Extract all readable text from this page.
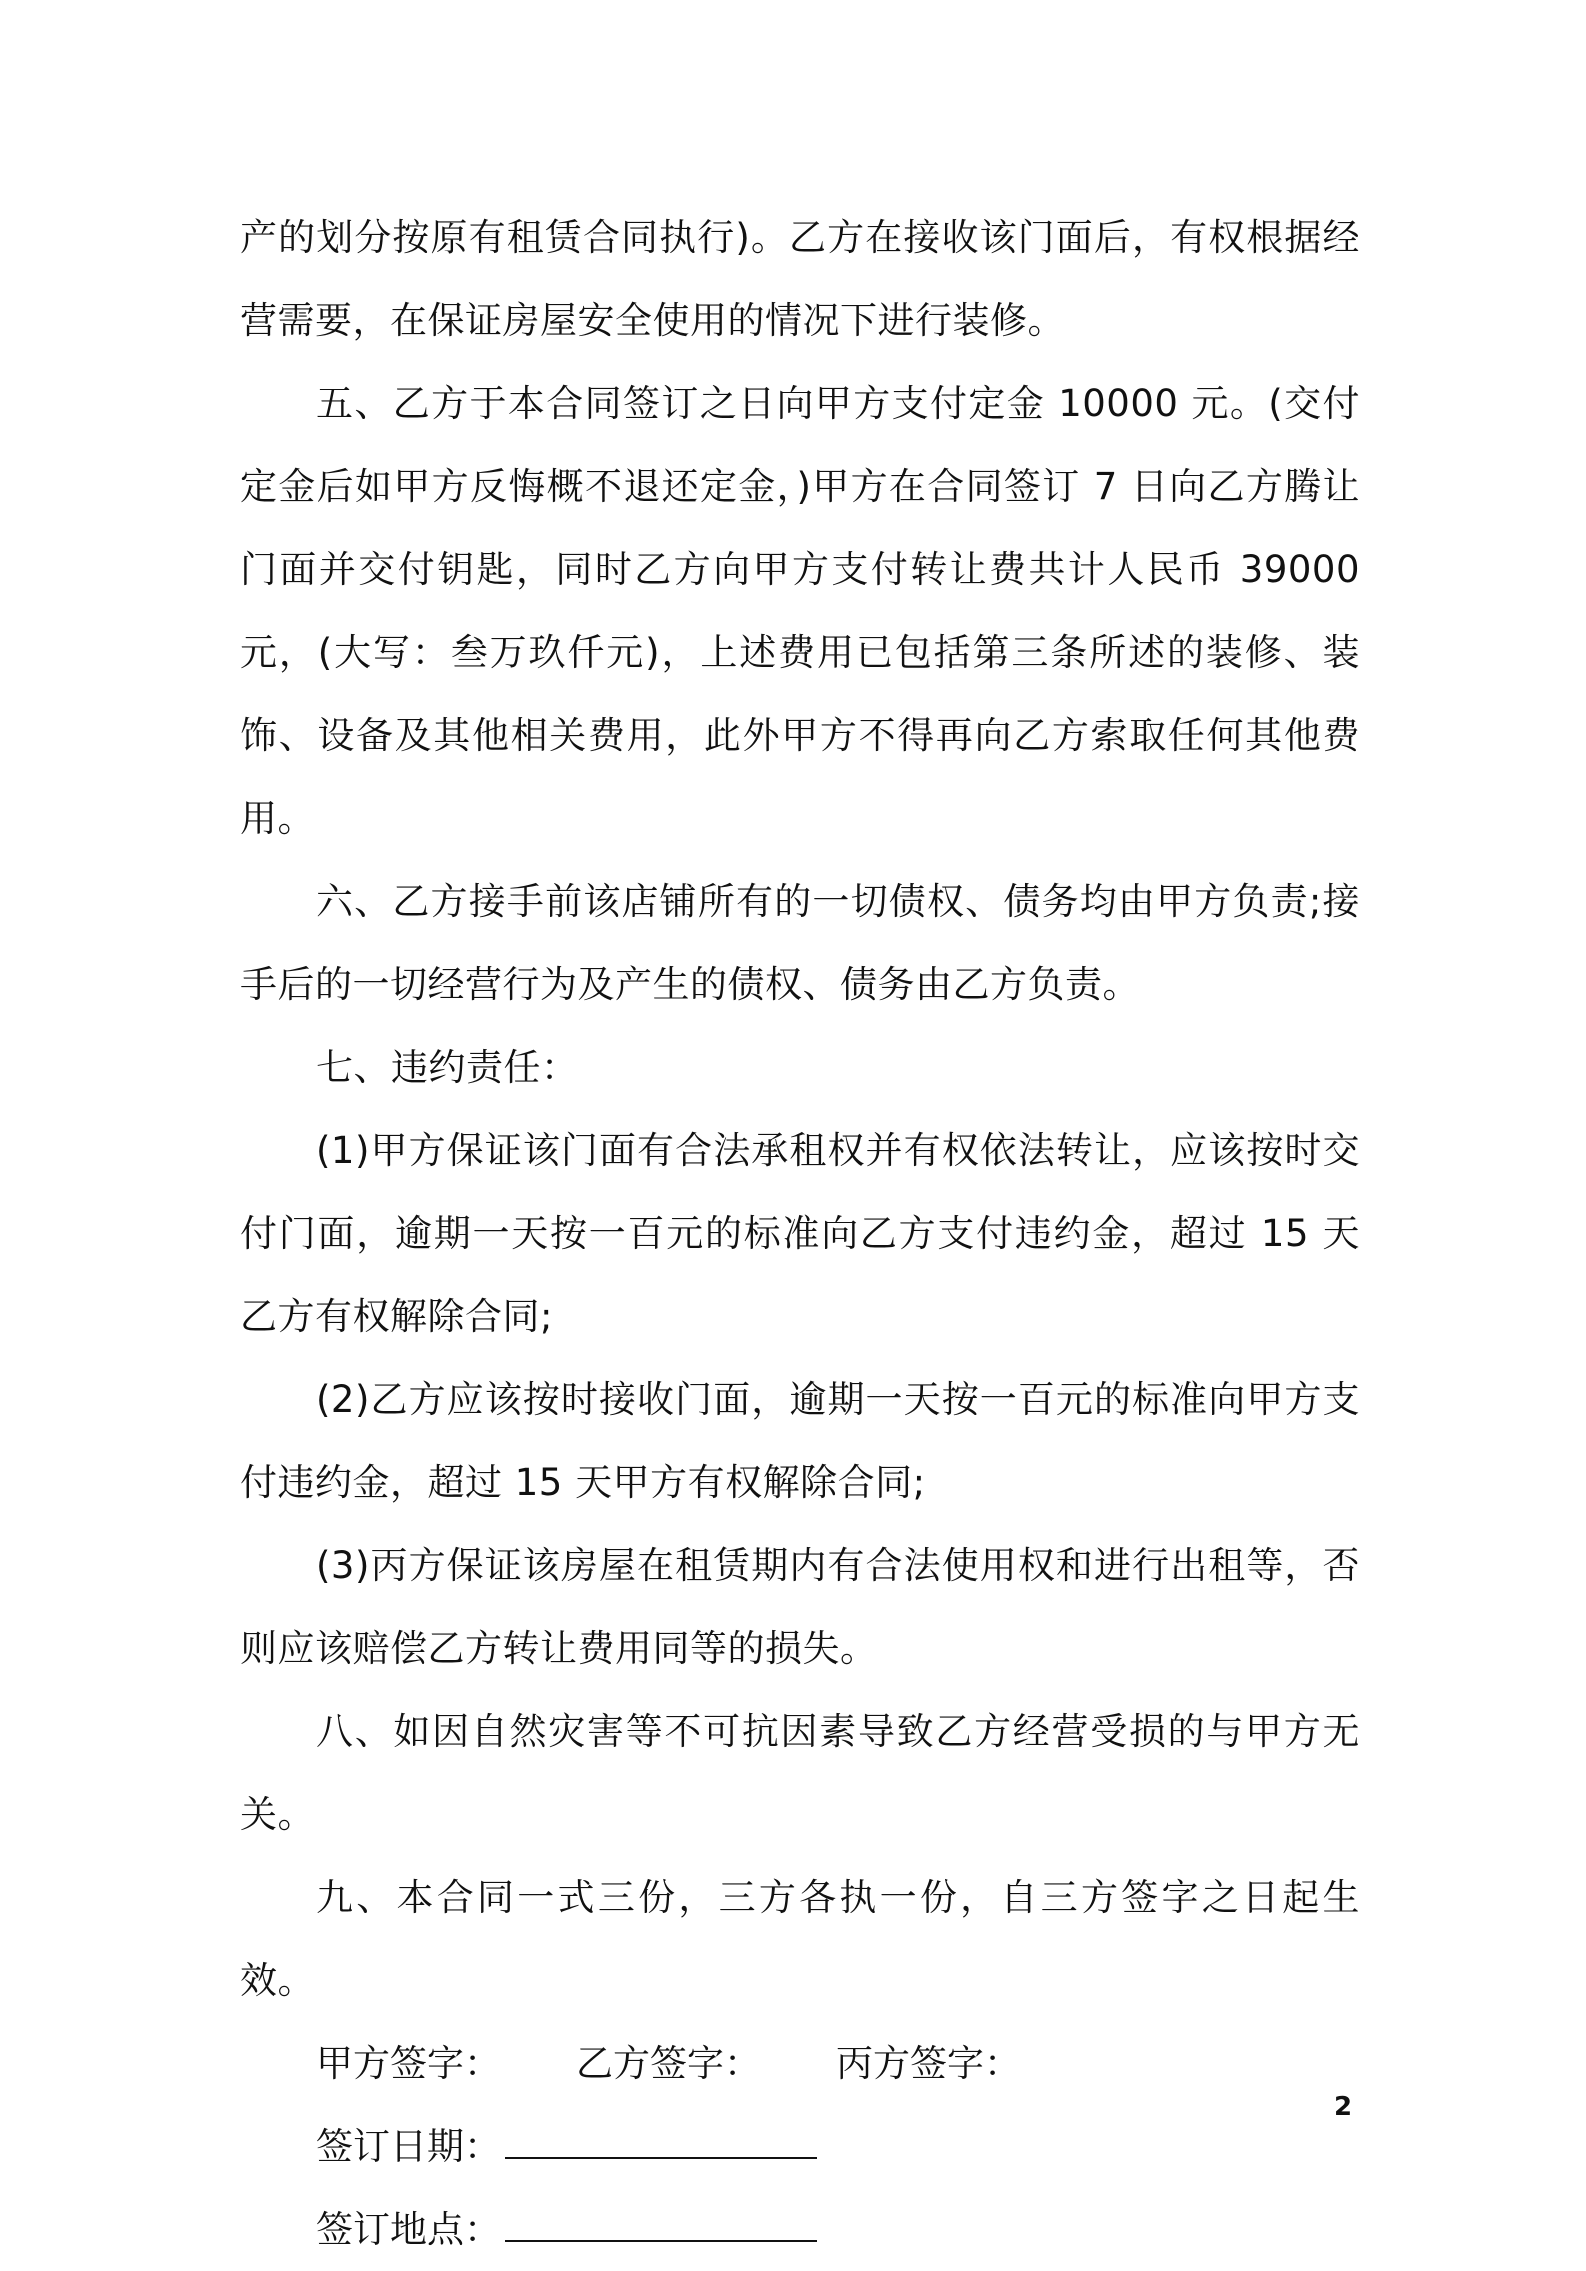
产的划分按原有租赁合同执行)。乙方在接收该门面后，有权根据经营需要，在保证房屋安全使用的情况下进行装修。

五、乙方于本合同签订之日向甲方支付定金 10000 元。(交付定金后如甲方反悔概不退还定金，)甲方在合同签订 7 日向乙方腾让门面并交付钥匙，同时乙方向甲方支付转让费共计人民币 39000 元，(大写：叁万玖仟元)，上述费用已包括第三条所述的装修、装饰、设备及其他相关费用，此外甲方不得再向乙方索取任何其他费用。

六、乙方接手前该店铺所有的一切债权、债务均由甲方负责;接手后的一切经营行为及产生的债权、债务由乙方负责。

七、违约责任：

(1)甲方保证该门面有合法承租权并有权依法转让，应该按时交付门面，逾期一天按一百元的标准向乙方支付违约金，超过 15 天乙方有权解除合同;

(2)乙方应该按时接收门面，逾期一天按一百元的标准向甲方支付违约金，超过 15 天甲方有权解除合同;

(3)丙方保证该房屋在租赁期内有合法使用权和进行出租等，否则应该赔偿乙方转让费用同等的损失。

八、如因自然灾害等不可抗因素导致乙方经营受损的与甲方无关。

九、本合同一式三份，三方各执一份，自三方签字之日起生效。

甲方签字：	乙方签字：	丙方签字：
签订日期：
签订地点：
2
